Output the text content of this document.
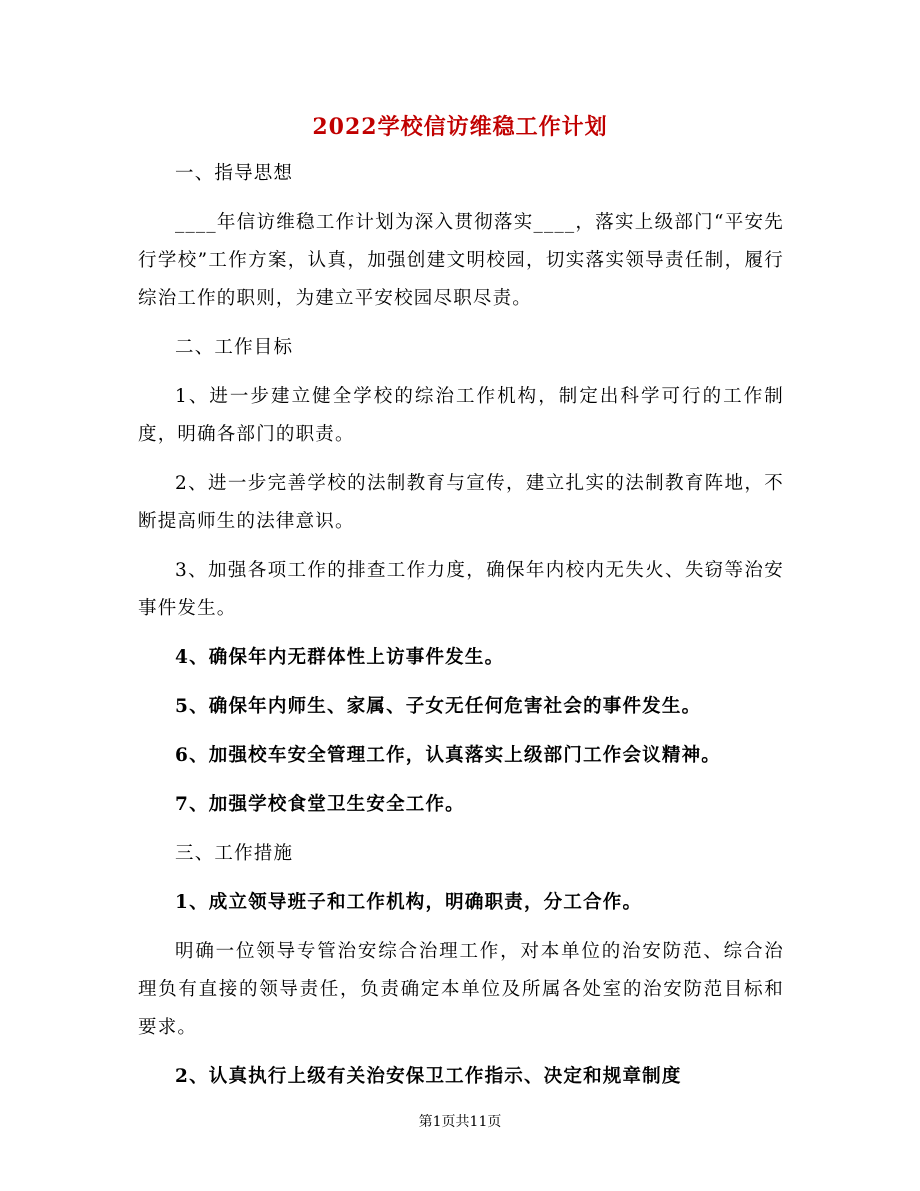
2022学校信访维稳工作计划

一、指导思想

____年信访维稳工作计划为深入贯彻落实____，落实上级部门“平安先行学校”工作方案，认真，加强创建文明校园，切实落实领导责任制，履行综治工作的职则，为建立平安校园尽职尽责。

二、工作目标

1、进一步建立健全学校的综治工作机构，制定出科学可行的工作制度，明确各部门的职责。

2、进一步完善学校的法制教育与宣传，建立扎实的法制教育阵地，不断提高师生的法律意识。

3、加强各项工作的排查工作力度，确保年内校内无失火、失窃等治安事件发生。

4、确保年内无群体性上访事件发生。

5、确保年内师生、家属、子女无任何危害社会的事件发生。

6、加强校车安全管理工作，认真落实上级部门工作会议精神。

7、加强学校食堂卫生安全工作。

三、工作措施

1、成立领导班子和工作机构，明确职责，分工合作。

明确一位领导专管治安综合治理工作，对本单位的治安防范、综合治理负有直接的领导责任，负责确定本单位及所属各处室的治安防范目标和要求。

2、认真执行上级有关治安保卫工作指示、决定和规章制度

第1页共11页
